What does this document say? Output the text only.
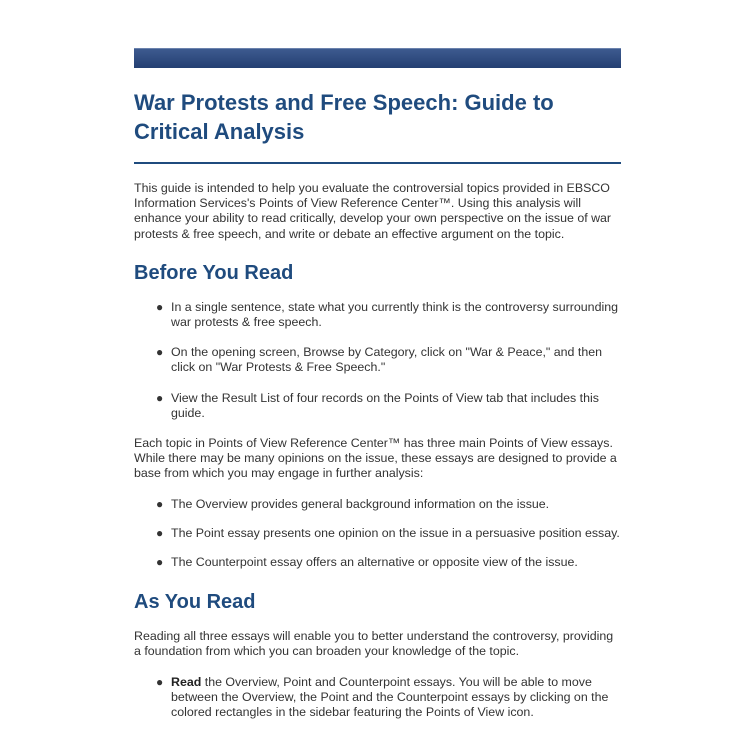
War Protests and Free Speech: Guide to Critical Analysis

This guide is intended to help you evaluate the controversial topics provided in EBSCO Information Services's Points of View Reference Center™. Using this analysis will enhance your ability to read critically, develop your own perspective on the issue of war protests & free speech, and write or debate an effective argument on the topic.

Before You Read
● In a single sentence, state what you currently think is the controversy surrounding war protests & free speech.
● On the opening screen, Browse by Category, click on "War & Peace," and then click on "War Protests & Free Speech."
● View the Result List of four records on the Points of View tab that includes this guide.

Each topic in Points of View Reference Center™ has three main Points of View essays. While there may be many opinions on the issue, these essays are designed to provide a base from which you may engage in further analysis:

● The Overview provides general background information on the issue.
● The Point essay presents one opinion on the issue in a persuasive position essay.
● The Counterpoint essay offers an alternative or opposite view of the issue.
As You Read

Reading all three essays will enable you to better understand the controversy, providing a foundation from which you can broaden your knowledge of the topic.

● Read the Overview, Point and Counterpoint essays. You will be able to move between the Overview, the Point and the Counterpoint essays by clicking on the colored rectangles in the sidebar featuring the Points of View icon.
